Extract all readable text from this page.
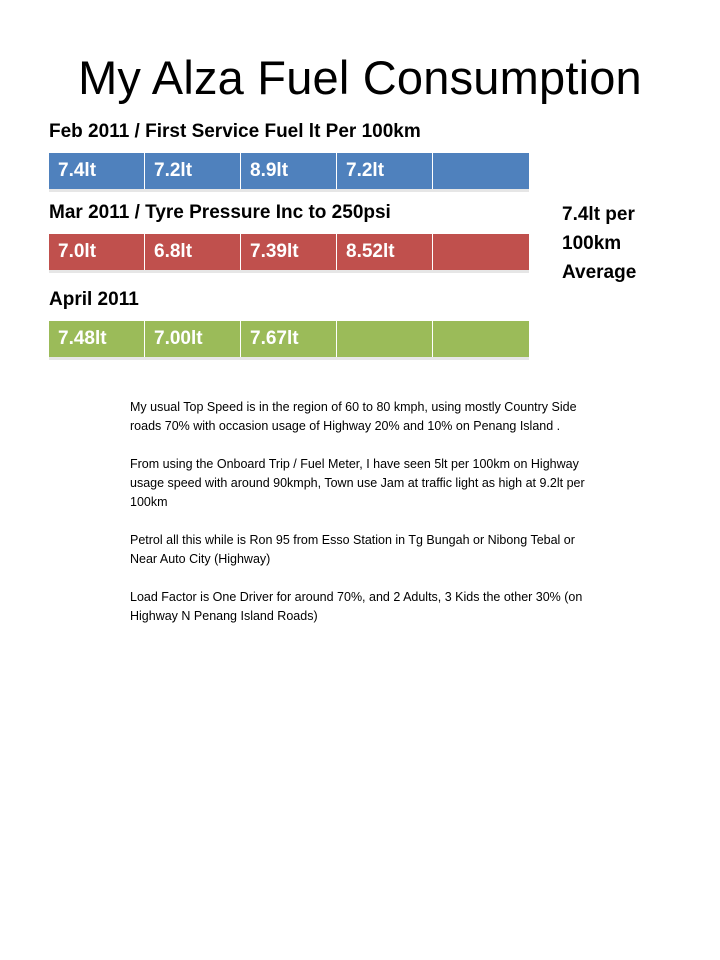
My Alza Fuel Consumption
Feb 2011 / First Service Fuel lt Per 100km
7.4lt	7.2lt	8.9lt	7.2lt
Mar 2011 / Tyre Pressure Inc to 250psi
7.0lt	6.8lt	7.39lt	8.52lt
April 2011
7.48lt	7.00lt	7.67lt
7.4lt per
100km
Average

My usual Top Speed is in the region of 60 to 80 kmph, using mostly Country Side roads 70% with occasion usage of Highway 20% and 10% on Penang Island .

From using the Onboard Trip / Fuel Meter, I have seen 5lt per 100km on Highway usage speed with around 90kmph, Town use Jam at traffic light as high at 9.2lt per 100km

Petrol all this while is Ron 95 from Esso Station in Tg Bungah or Nibong Tebal or Near Auto City (Highway)

Load Factor is One Driver for around 70%, and 2 Adults, 3 Kids the other 30% (on Highway N Penang Island Roads)
